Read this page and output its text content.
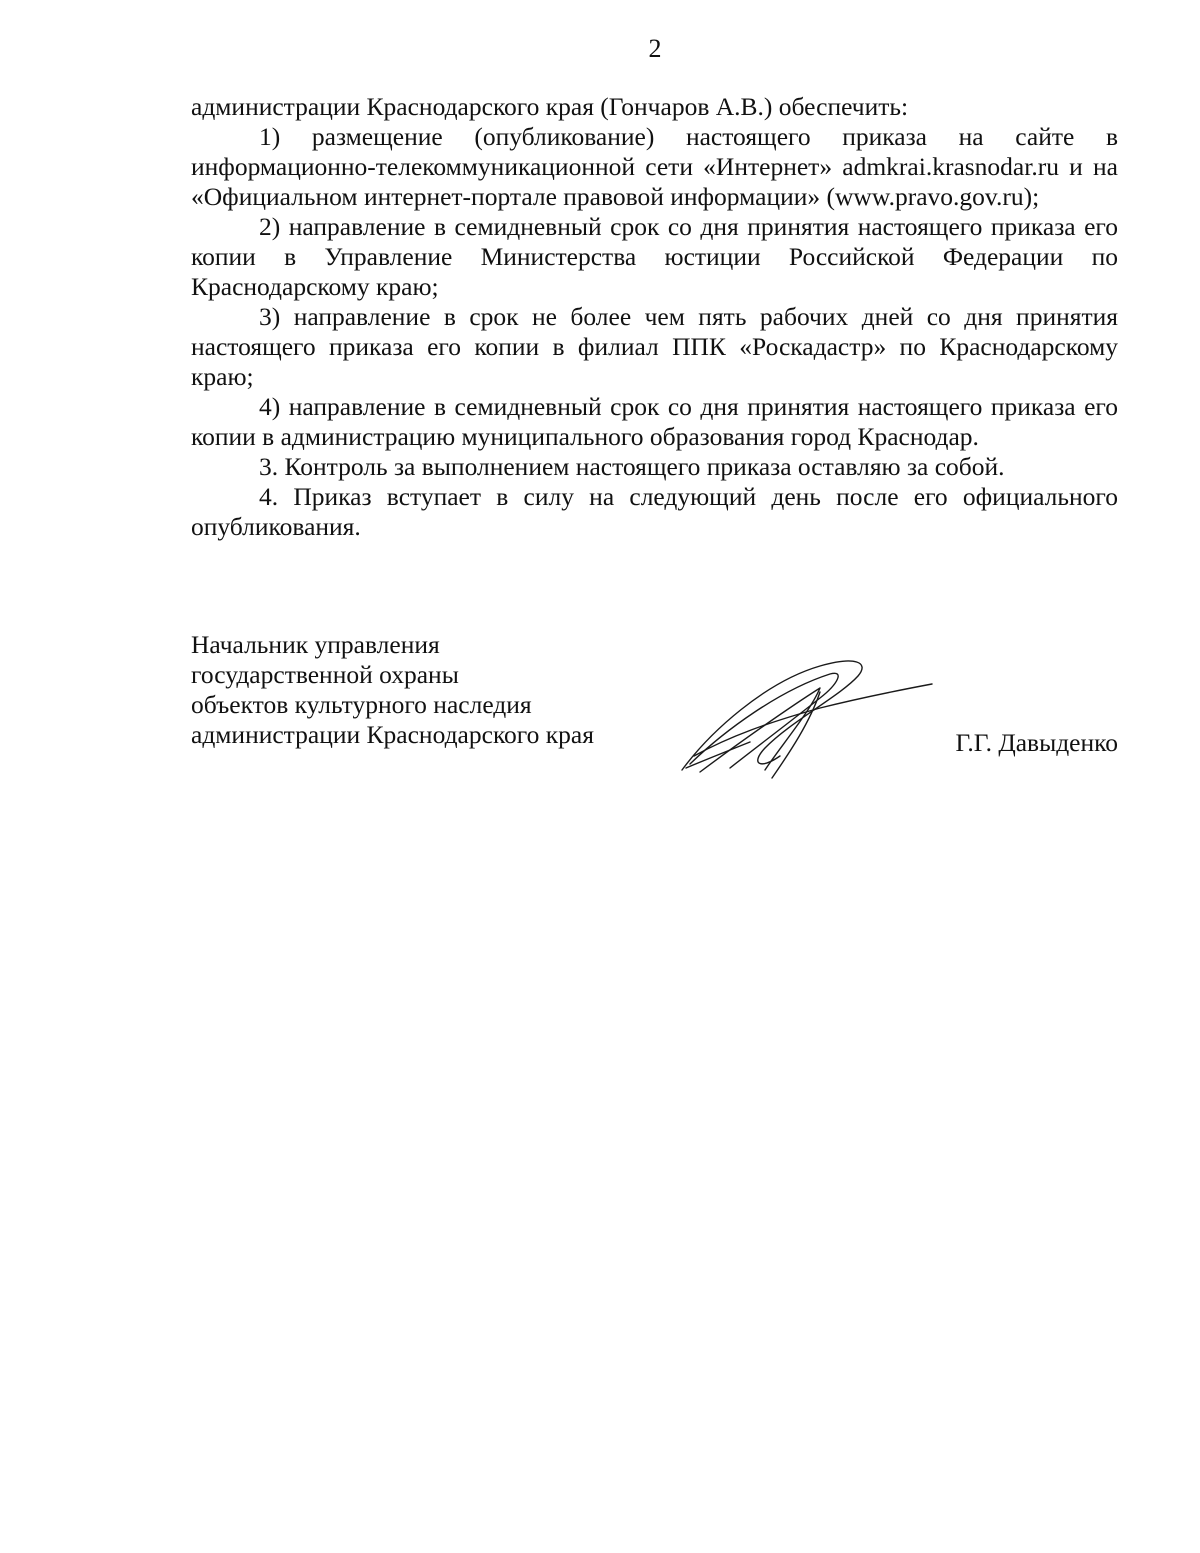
2

администрации Краснодарского края (Гончаров А.В.) обеспечить:

1) размещение (опубликование) настоящего приказа на сайте в информационно-телекоммуникационной сети «Интернет» admkrai.krasnodar.ru и на «Официальном интернет-портале правовой информации» (www.pravo.gov.ru);

2) направление в семидневный срок со дня принятия настоящего приказа его копии в Управление Министерства юстиции Российской Федерации по Краснодарскому краю;

3) направление в срок не более чем пять рабочих дней со дня принятия настоящего приказа его копии в филиал ППК «Роскадастр» по Краснодарскому краю;

4) направление в семидневный срок со дня принятия настоящего приказа его копии в администрацию муниципального образования город Краснодар.

3. Контроль за выполнением настоящего приказа оставляю за собой.

4. Приказ вступает в силу на следующий день после его официального опубликования.

Начальник управления
государственной охраны
объектов культурного наследия
администрации Краснодарского края	Г.Г. Давыденко
